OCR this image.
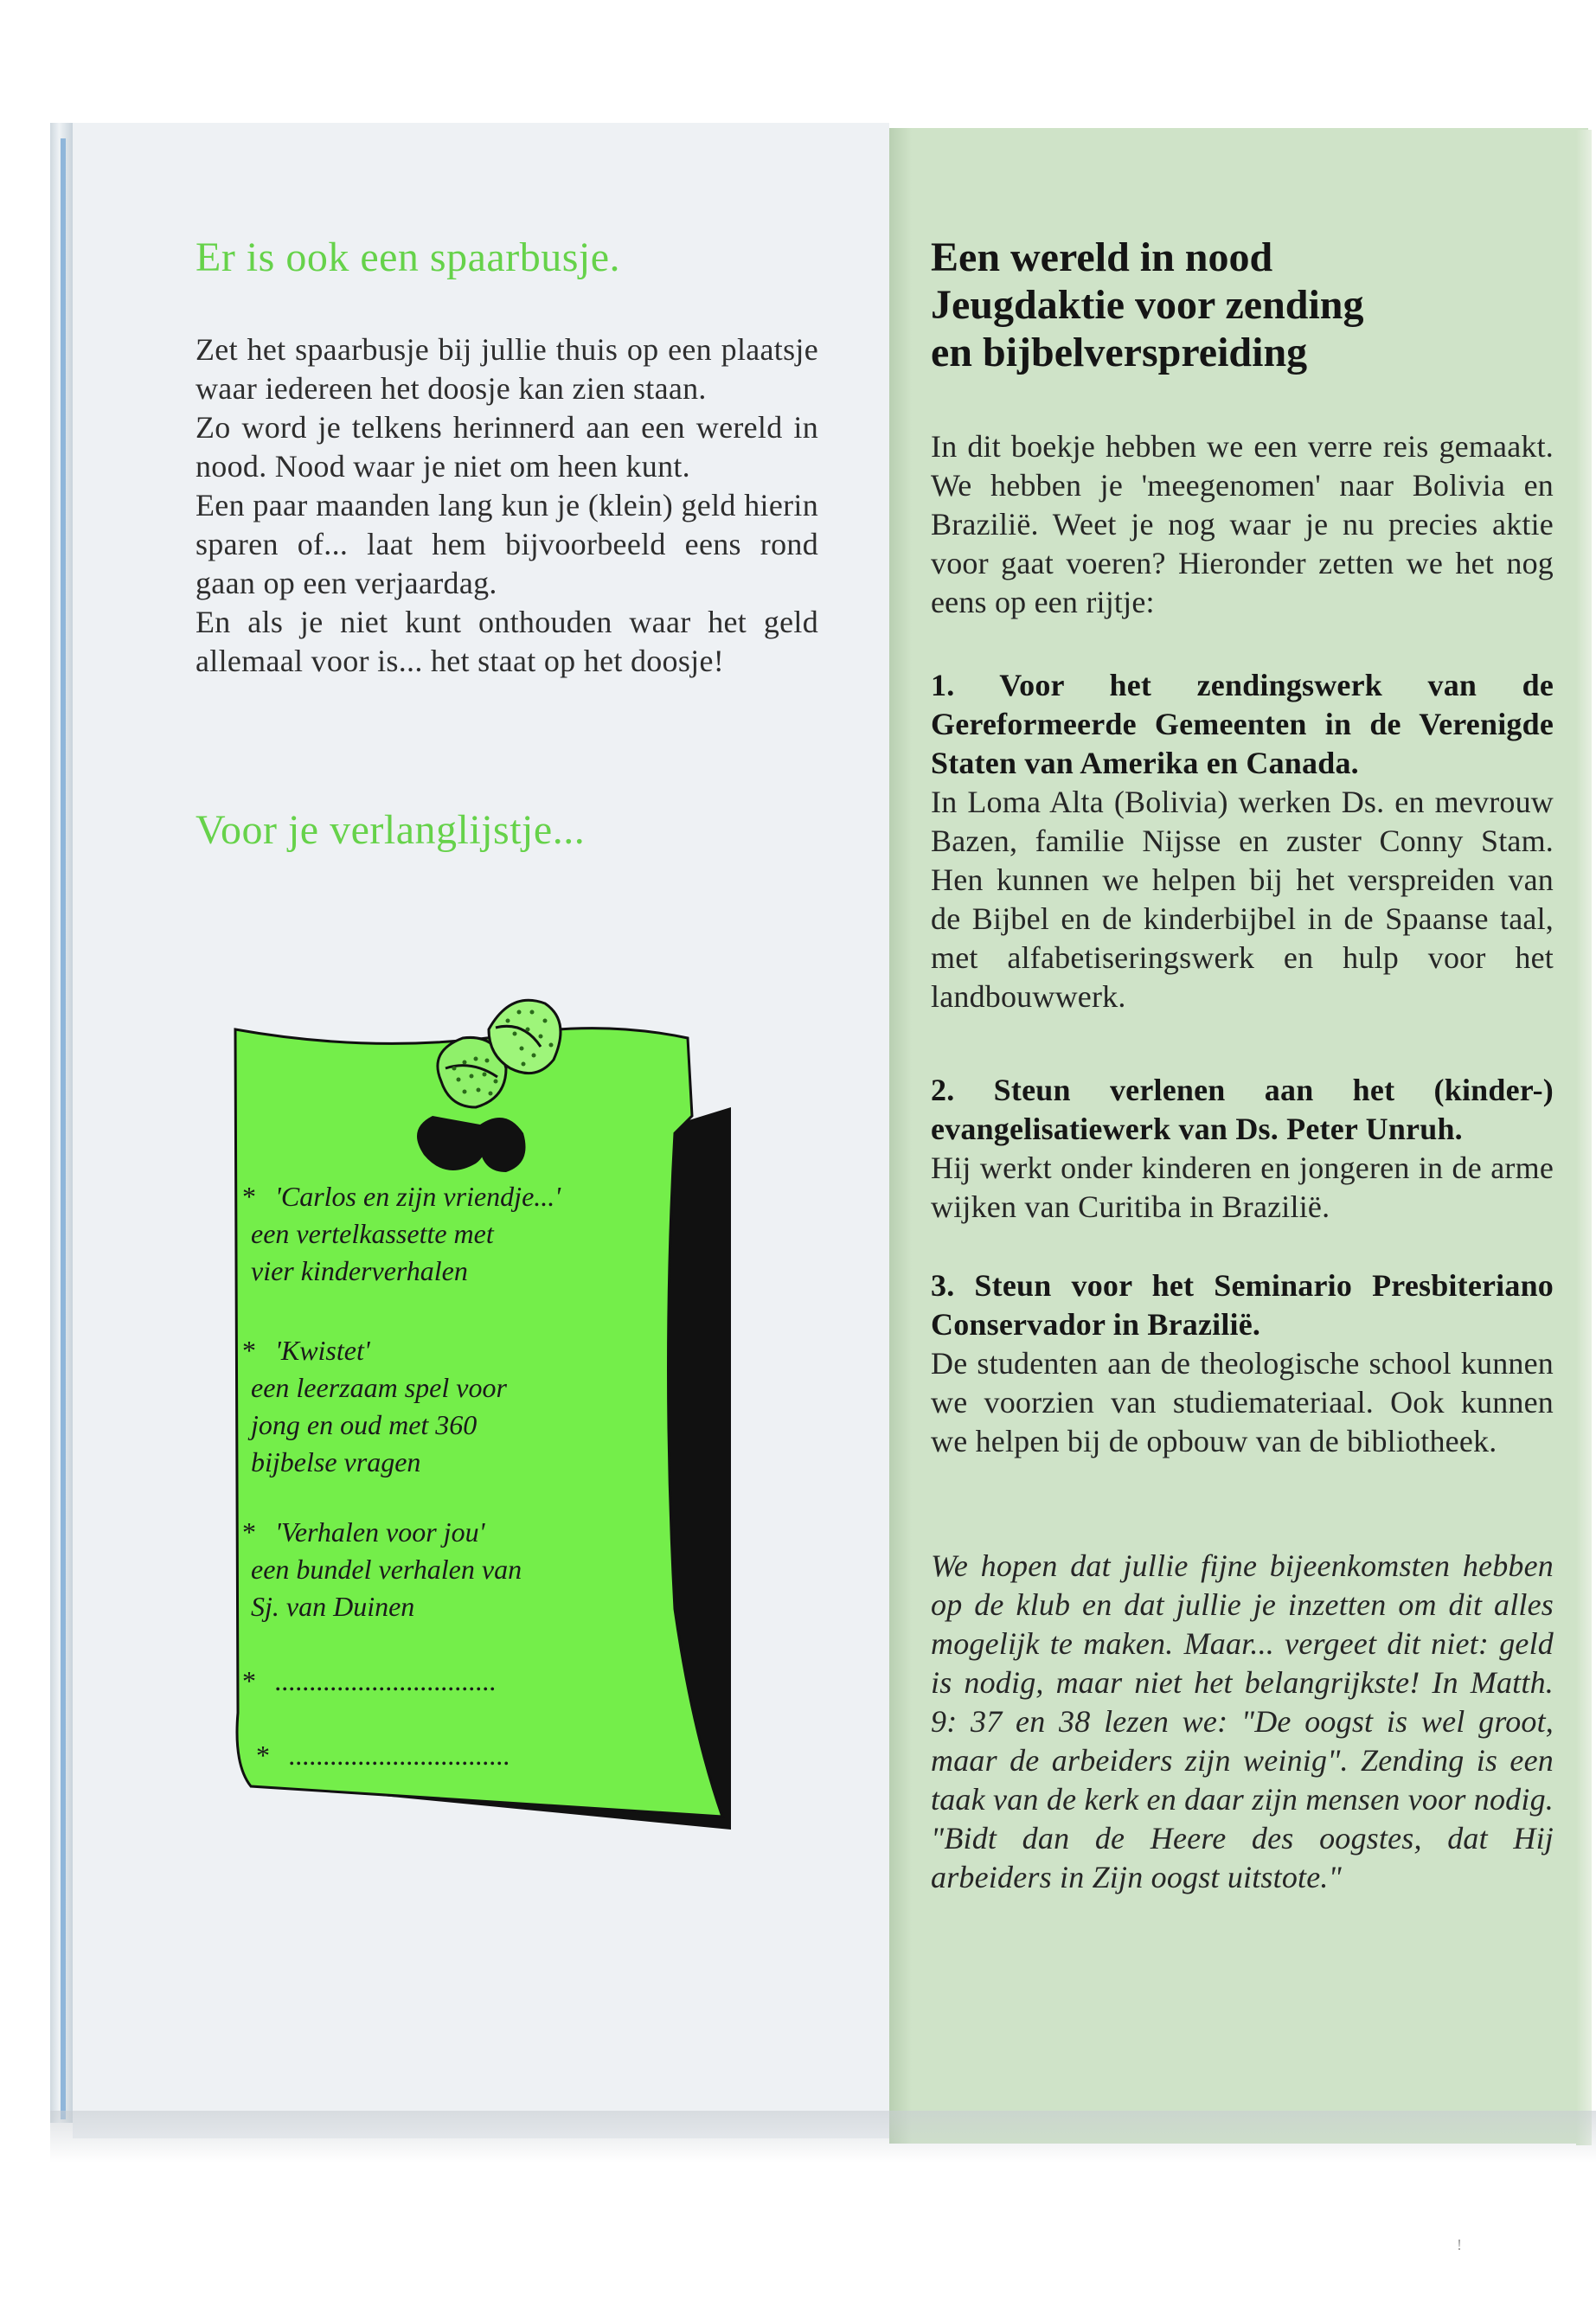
Er is ook een spaarbusje.

Zet het spaarbusje bij jullie thuis op een plaatsje waar iedereen het doosje kan zien staan.

Zo word je telkens herinnerd aan een wereld in nood. Nood waar je niet om heen kunt.

Een paar maanden lang kun je (klein) geld hierin sparen of... laat hem bijvoorbeeld eens rond gaan op een verjaardag.

En als je niet kunt onthouden waar het geld allemaal voor is... het staat op het doosje!

Voor je verlanglijstje...
* 'Carlos en zijn vriendje...'
een vertelkassette met
vier kinderverhalen
* 'Kwistet'
een leerzaam spel voor
jong en oud met 360
bijbelse vragen
* 'Verhalen voor jou'
een bundel verhalen van
Sj. van Duinen
* ................................
* ................................
Een wereld in nood
Jeugdaktie voor zending
en bijbelverspreiding

In dit boekje hebben we een verre reis gemaakt. We hebben je 'meegenomen' naar Bolivia en Brazilië. Weet je nog waar je nu precies aktie voor gaat voeren? Hieronder zetten we het nog eens op een rijtje:

1. Voor het zendingswerk van de Gereformeerde Gemeenten in de Verenigde Staten van Amerika en Canada.
In Loma Alta (Bolivia) werken Ds. en mevrouw Bazen, familie Nijsse en zuster Conny Stam. Hen kunnen we helpen bij het verspreiden van de Bijbel en de kinderbijbel in de Spaanse taal, met alfabetiseringswerk en hulp voor het landbouwwerk.
2. Steun verlenen aan het (kinder-) evangelisatiewerk van Ds. Peter Unruh.
Hij werkt onder kinderen en jongeren in de arme wijken van Curitiba in Brazilië.
3. Steun voor het Seminario Presbiteriano Conservador in Brazilië.
De studenten aan de theologische school kunnen we voorzien van studiemateriaal. Ook kunnen we helpen bij de opbouw van de bibliotheek.

We hopen dat jullie fijne bijeenkomsten hebben op de klub en dat jullie je inzetten om dit alles mogelijk te maken. Maar... vergeet dit niet: geld is nodig, maar niet het belangrijkste! In Matth. 9: 37 en 38 lezen we: "De oogst is wel groot, maar de arbeiders zijn weinig". Zending is een taak van de kerk en daar zijn mensen voor nodig. "Bidt dan de Heere des oogstes, dat Hij arbeiders in Zijn oogst uitstote."

ǃ
